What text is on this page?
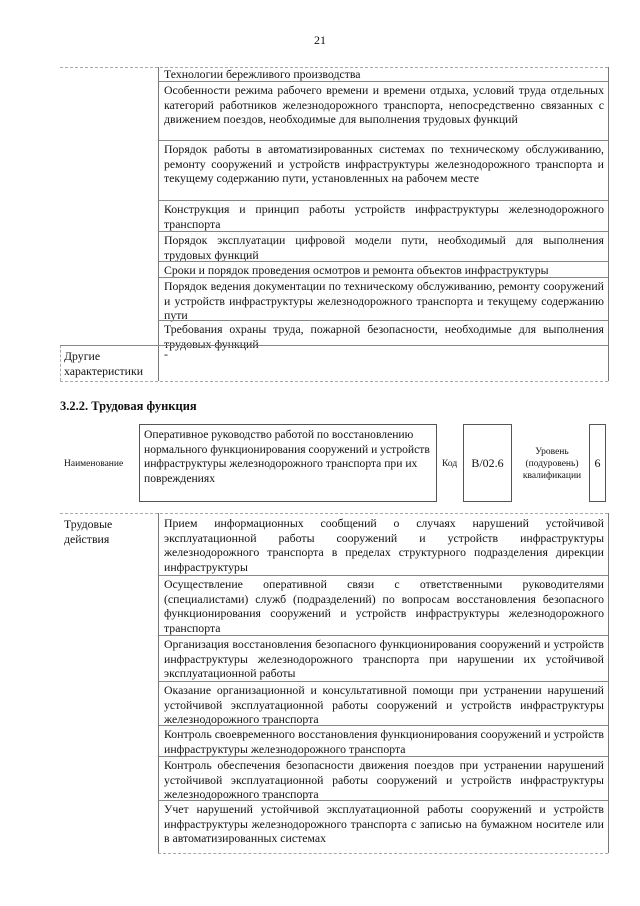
21
Технологии бережливого производства
Особенности режима рабочего времени и времени отдыха, условий труда отдельных категорий работников железнодорожного транспорта, непосредственно связанных с движением поездов, необходимые для выполнения трудовых функций
Порядок работы в автоматизированных системах по техническому обслуживанию, ремонту сооружений и устройств инфраструктуры железнодорожного транспорта и текущему содержанию пути, установленных на рабочем месте
Конструкция и принцип работы устройств инфраструктуры железнодорожного транспорта
Порядок эксплуатации цифровой модели пути, необходимый для выполнения трудовых функций
Сроки и порядок проведения осмотров и ремонта объектов инфраструктуры
Порядок ведения документации по техническому обслуживанию, ремонту сооружений и устройств инфраструктуры железнодорожного транспорта и текущему содержанию пути
Требования охраны труда, пожарной безопасности, необходимые для выполнения трудовых функций
Другие характеристики
-
3.2.2. Трудовая функция
Наименование
Оперативное руководство работой по восстановлению нормального функционирования сооружений и устройств инфраструктуры железнодорожного транспорта при их повреждениях
Код	B/02.6
Уровень (подуровень) квалификации
6
Трудовые действия
Прием информационных сообщений о случаях нарушений устойчивой эксплуатационной работы сооружений и устройств инфраструктуры железнодорожного транспорта в пределах структурного подразделения дирекции инфраструктуры
Осуществление оперативной связи с ответственными руководителями (специалистами) служб (подразделений) по вопросам восстановления безопасного функционирования сооружений и устройств инфраструктуры железнодорожного транспорта
Организация восстановления безопасного функционирования сооружений и устройств инфраструктуры железнодорожного транспорта при нарушении их устойчивой эксплуатационной работы
Оказание организационной и консультативной помощи при устранении нарушений устойчивой эксплуатационной работы сооружений и устройств инфраструктуры железнодорожного транспорта
Контроль своевременного восстановления функционирования сооружений и устройств инфраструктуры железнодорожного транспорта
Контроль обеспечения безопасности движения поездов при устранении нарушений устойчивой эксплуатационной работы сооружений и устройств инфраструктуры железнодорожного транспорта
Учет нарушений устойчивой эксплуатационной работы сооружений и устройств инфраструктуры железнодорожного транспорта с записью на бумажном носителе или в автоматизированных системах
